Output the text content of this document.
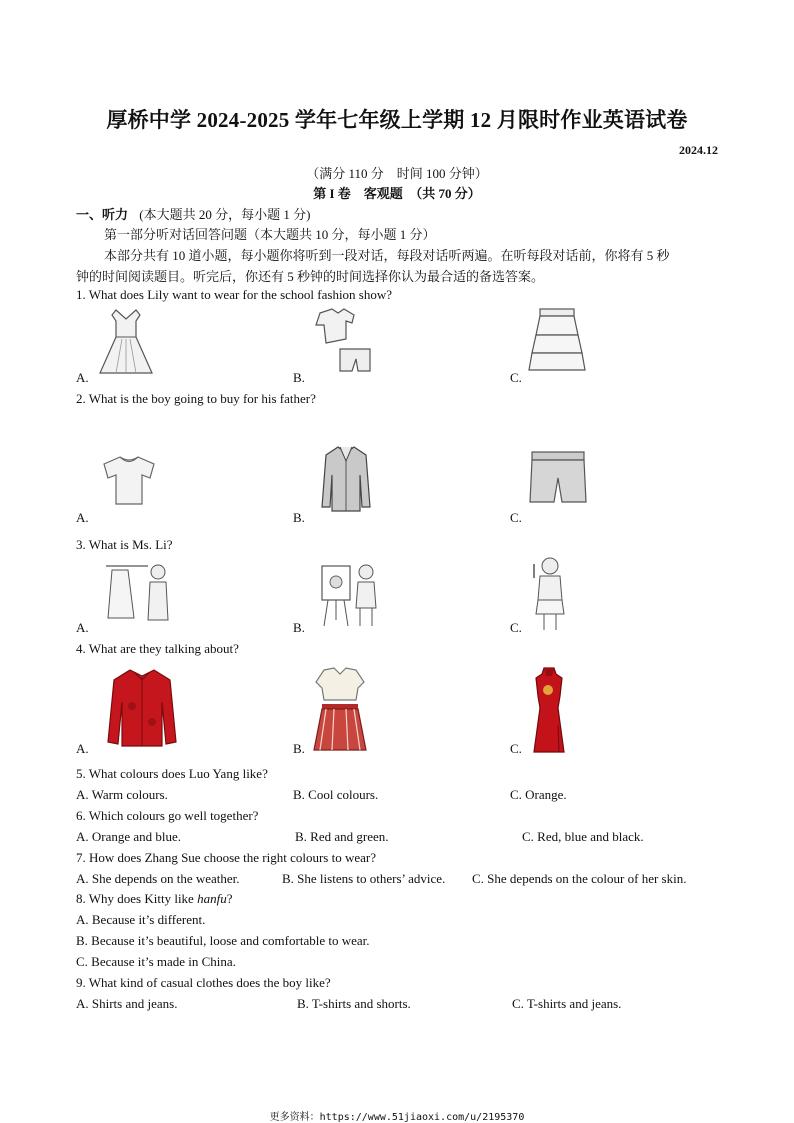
厚桥中学 2024-2025 学年七年级上学期 12 月限时作业英语试卷
2024.12
（满分 110 分　时间 100 分钟）
第 I 卷　客观题　（共 70 分）
一、听力 (本大题共 20 分，每小题 1 分)
第一部分听对话回答问题（本大题共 10 分，每小题 1 分）
本部分共有 10 道小题，每小题你将听到一段对话，每段对话听两遍。在听每段对话前，你将有 5 秒
钟的时间阅读题目。听完后，你还有 5 秒钟的时间选择你认为最合适的备选答案。
1. What does Lily want to wear for the school fashion show?
A.	B.	C.
2. What is the boy going to buy for his father?
A.	B.	C.
3. What is Ms. Li?
A.	B.	C.
4. What are they talking about?
A.	B.	C.
5. What colours does Luo Yang like?
A. Warm colours.	B. Cool colours.	C. Orange.
6. Which colours go well together?
A. Orange and blue.	B. Red and green.	C. Red, blue and black.
7. How does Zhang Sue choose the right colours to wear?
A. She depends on the weather.	B. She listens to others’ advice. C. She depends on the colour of her skin.
8. Why does Kitty like hanfu?
A. Because it’s different.
B. Because it’s beautiful, loose and comfortable to wear.
C. Because it’s made in China.
9. What kind of casual clothes does the boy like?
A. Shirts and jeans.	B. T-shirts and shorts.	C. T-shirts and jeans.
更多资料：https://www.51jiaoxi.com/u/2195370
